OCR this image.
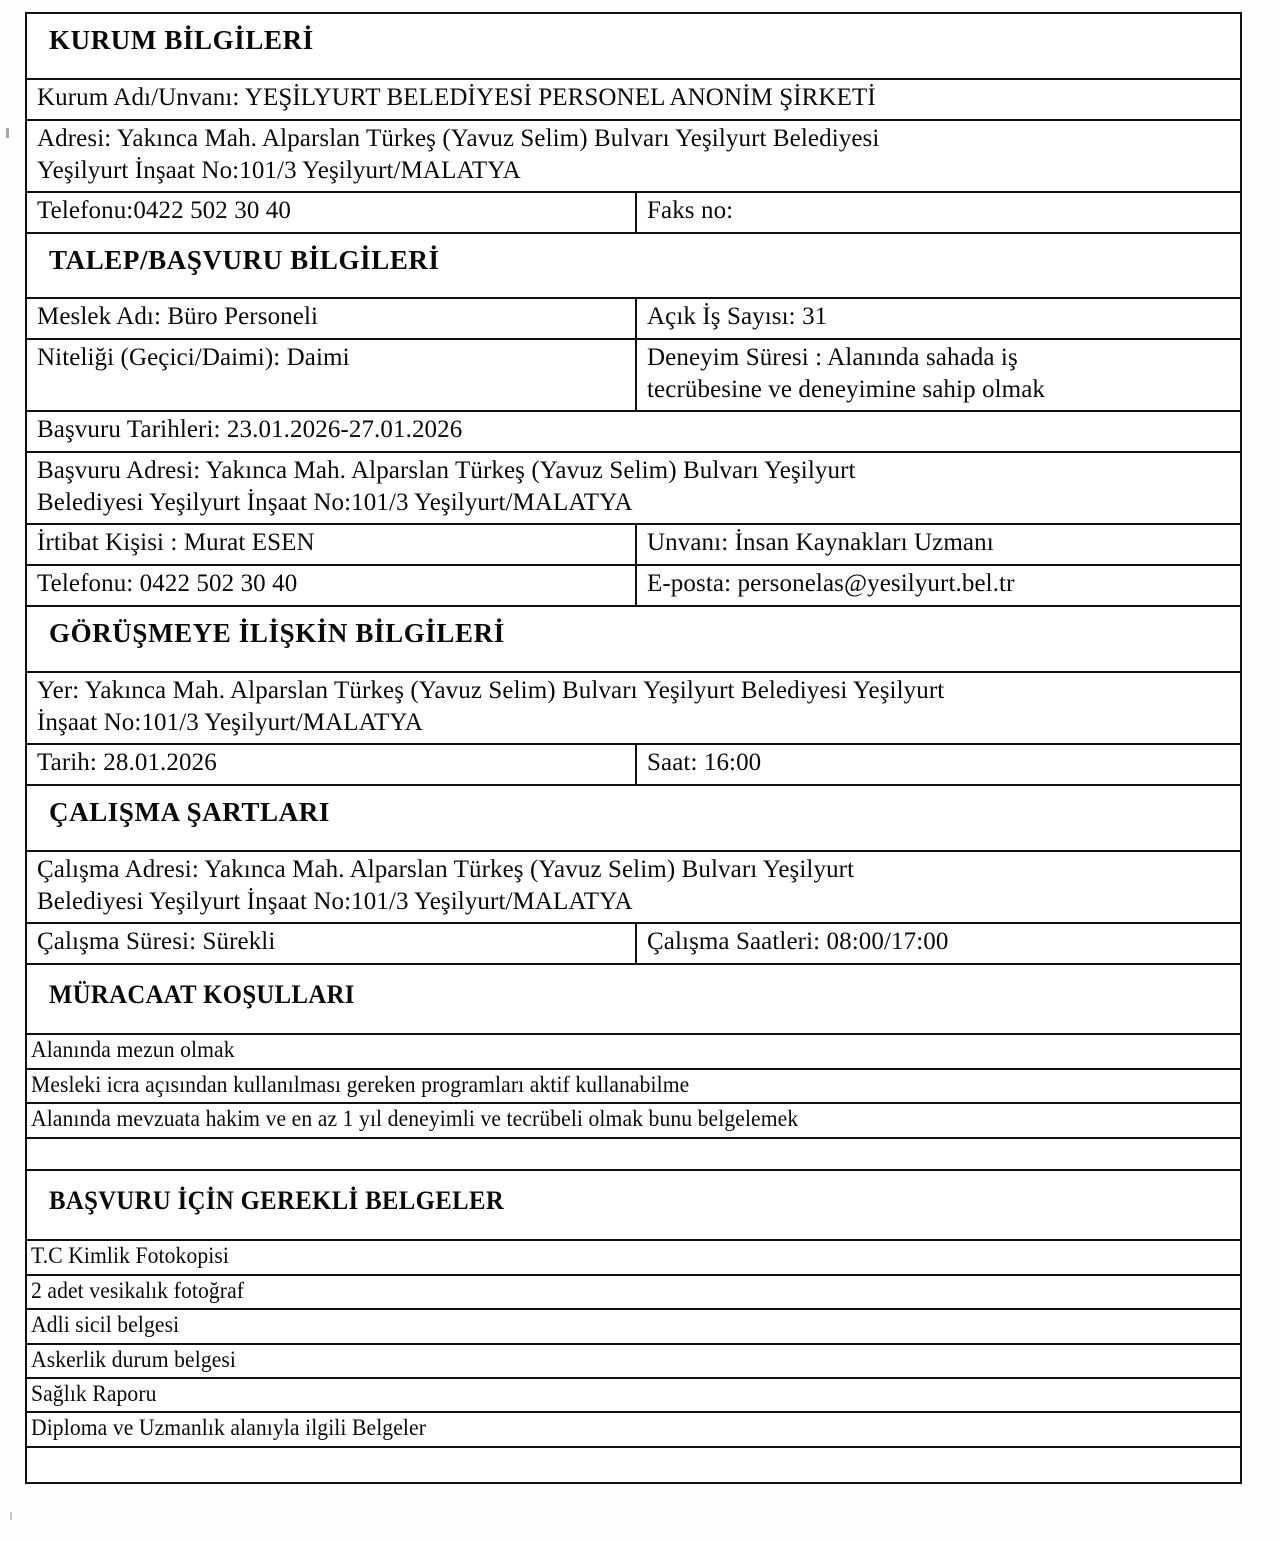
KURUM BİLGİLERİ	
Kurum Adı/Unvanı: YEŞİLYURT BELEDİYESİ PERSONEL ANONİM ŞİRKETİ	

Adresi: Yakınca Mah. Alparslan Türkeş (Yavuz Selim) Bulvarı Yeşilyurt Belediyesi
Yeşilyurt İnşaat No:101/3 Yeşilyurt/MALATYA	

Telefonu:0422 502 30 40	Faks no:
TALEP/BAŞVURU BİLGİLERİ	
Meslek Adı: Büro Personeli	Açık İş Sayısı: 31
Niteliği (Geçici/Daimi): Daimi	Deneyim Süresi : Alanında sahada iş
tecrübesine ve deneyimine sahip olmak

Başvuru Tarihleri: 23.01.2026-27.01.2026	

Başvuru Adresi: Yakınca Mah. Alparslan Türkeş (Yavuz Selim) Bulvarı Yeşilyurt
Belediyesi Yeşilyurt İnşaat No:101/3 Yeşilyurt/MALATYA	

İrtibat Kişisi : Murat ESEN	Unvanı: İnsan Kaynakları Uzmanı
Telefonu: 0422 502 30 40	E-posta: personelas@yesilyurt.bel.tr
GÖRÜŞMEYE İLİŞKİN BİLGİLERİ	

Yer: Yakınca Mah. Alparslan Türkeş (Yavuz Selim) Bulvarı Yeşilyurt Belediyesi Yeşilyurt
İnşaat No:101/3 Yeşilyurt/MALATYA	

Tarih: 28.01.2026	Saat: 16:00
ÇALIŞMA ŞARTLARI	

Çalışma Adresi: Yakınca Mah. Alparslan Türkeş (Yavuz Selim) Bulvarı Yeşilyurt
Belediyesi Yeşilyurt İnşaat No:101/3 Yeşilyurt/MALATYA	

Çalışma Süresi: Sürekli	Çalışma Saatleri: 08:00/17:00
MÜRACAAT KOŞULLARI	
Alanında mezun olmak	
Mesleki icra açısından kullanılması gereken programları aktif kullanabilme	
Alanında mevzuata hakim ve en az 1 yıl deneyimli ve tecrübeli olmak bunu belgelemek	

BAŞVURU İÇİN GEREKLİ BELGELER	
T.C Kimlik Fotokopisi	
2 adet vesikalık fotoğraf	
Adli sicil belgesi	
Askerlik durum belgesi	
Sağlık Raporu	
Diploma ve Uzmanlık alanıyla ilgili Belgeler	
